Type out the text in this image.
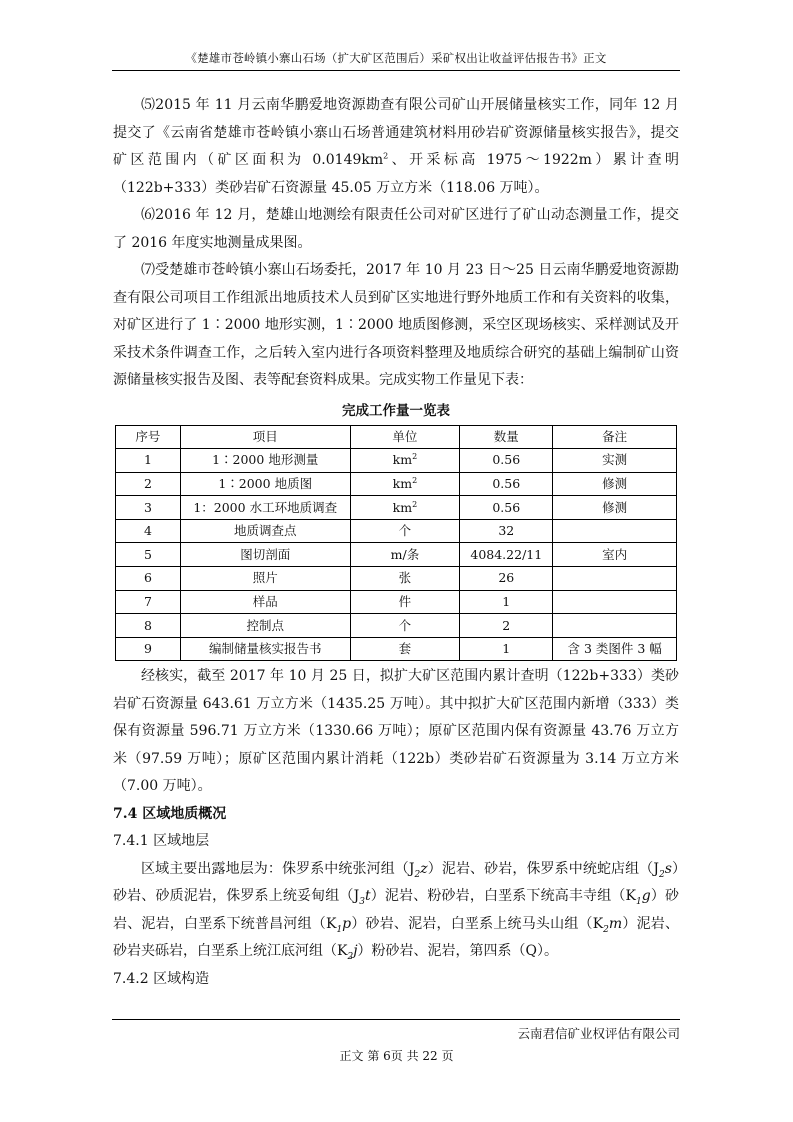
《楚雄市苍岭镇小寨山石场（扩大矿区范围后）采矿权出让收益评估报告书》正文

⑸2015 年 11 月云南华鹏爱地资源勘查有限公司矿山开展储量核实工作，同年 12 月提交了《云南省楚雄市苍岭镇小寨山石场普通建筑材料用砂岩矿资源储量核实报告》，提交矿区范围内（矿区面积为 $0.0149km^2$、开采标高 1975～1922m）累计查明（122b+333）类砂岩矿石资源量 45.05 万立方米（118.06 万吨）。

⑹2016 年 12 月，楚雄山地测绘有限责任公司对矿区进行了矿山动态测量工作，提交了 2016 年度实地测量成果图。

⑺受楚雄市苍岭镇小寨山石场委托，2017 年 10 月 23 日～25 日云南华鹏爱地资源勘查有限公司项目工作组派出地质技术人员到矿区实地进行野外地质工作和有关资料的收集，对矿区进行了 1∶2000 地形实测，1∶2000 地质图修测，采空区现场核实、采样测试及开采技术条件调查工作，之后转入室内进行各项资料整理及地质综合研究的基础上编制矿山资源储量核实报告及图、表等配套资料成果。完成实物工作量见下表：

完成工作量一览表
序号	项目	单位	数量	备注
1	1∶2000 地形测量	$km^2$	0.56	实测
2	1∶2000 地质图	$km^2$	0.56	修测
3	1：2000 水工环地质调查	$km^2$	0.56	修测
4	地质调查点	个	32	
5	图切剖面	m/条	4084.22/11	室内
6	照片	张	26	
7	样品	件	1	
8	控制点	个	2	
9	编制储量核实报告书	套	1	含 3 类图件 3 幅

经核实，截至 2017 年 10 月 25 日，拟扩大矿区范围内累计查明（122b+333）类砂岩矿石资源量 643.61 万立方米（1435.25 万吨）。其中拟扩大矿区范围内新增（333）类保有资源量 596.71 万立方米（1330.66 万吨）；原矿区范围内保有资源量 43.76 万立方米（97.59 万吨）；原矿区范围内累计消耗（122b）类砂岩矿石资源量为 3.14 万立方米（7.00 万吨）。

7.4 区域地质概况

7.4.1 区域地层

区域主要出露地层为：侏罗系中统张河组$(J_2z)$泥岩、砂岩，侏罗系中统蛇店组$(J_2s)$砂岩、砂质泥岩，侏罗系上统妥甸组$(J_3t)$泥岩、粉砂岩，白垩系下统高丰寺组$(K_1g)$砂岩、泥岩，白垩系下统普昌河组$(K_1p)$砂岩、泥岩，白垩系上统马头山组$(K_2m)$泥岩、砂岩夹砾岩，白垩系上统江底河组$(K_2j)$粉砂岩、泥岩，第四系（Q）。

7.4.2 区域构造

云南君信矿业权评估有限公司
正文 第 6页 共 22 页
